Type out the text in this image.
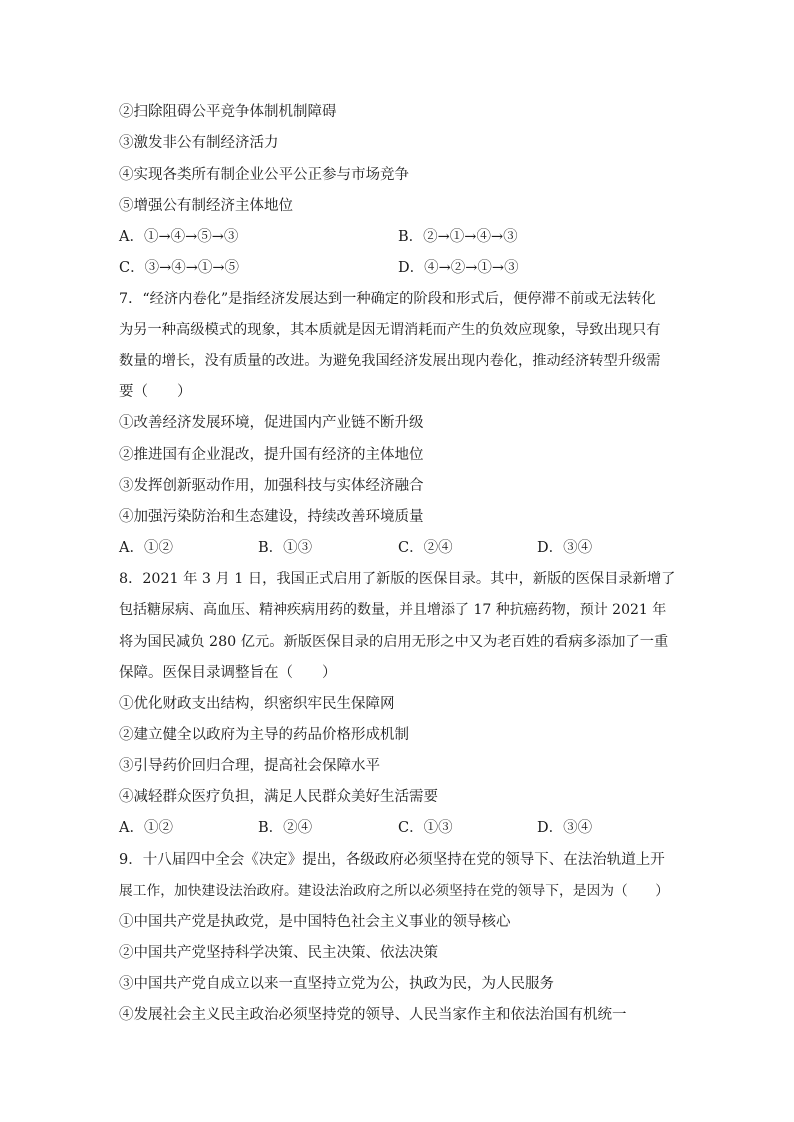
②扫除阻碍公平竞争体制机制障碍
③激发非公有制经济活力
④实现各类所有制企业公平公正参与市场竞争
⑤增强公有制经济主体地位
A．①→④→⑤→③	B．②→①→④→③
C．③→④→①→⑤	D．④→②→①→③
7．“经济内卷化”是指经济发展达到一种确定的阶段和形式后，便停滞不前或无法转化
为另一种高级模式的现象，其本质就是因无谓消耗而产生的负效应现象，导致出现只有
数量的增长，没有质量的改进。为避免我国经济发展出现内卷化，推动经济转型升级需
要（　　）
①改善经济发展环境，促进国内产业链不断升级
②推进国有企业混改，提升国有经济的主体地位
③发挥创新驱动作用，加强科技与实体经济融合
④加强污染防治和生态建设，持续改善环境质量
A．①②	B．①③	C．②④	D．③④
8．2021 年 3 月 1 日，我国正式启用了新版的医保目录。其中，新版的医保目录新增了
包括糖尿病、高血压、精神疾病用药的数量，并且增添了 17 种抗癌药物，预计 2021 年
将为国民减负 280 亿元。新版医保目录的启用无形之中又为老百姓的看病多添加了一重
保障。医保目录调整旨在（　　）
①优化财政支出结构，织密织牢民生保障网
②建立健全以政府为主导的药品价格形成机制
③引导药价回归合理，提高社会保障水平
④减轻群众医疗负担，满足人民群众美好生活需要
A．①②	B．②④	C．①③	D．③④
9．十八届四中全会《决定》提出，各级政府必须坚持在党的领导下、在法治轨道上开
展工作，加快建设法治政府。建设法治政府之所以必须坚持在党的领导下，是因为（　　）
①中国共产党是执政党，是中国特色社会主义事业的领导核心
②中国共产党坚持科学决策、民主决策、依法决策
③中国共产党自成立以来一直坚持立党为公，执政为民，为人民服务
④发展社会主义民主政治必须坚持党的领导、人民当家作主和依法治国有机统一
